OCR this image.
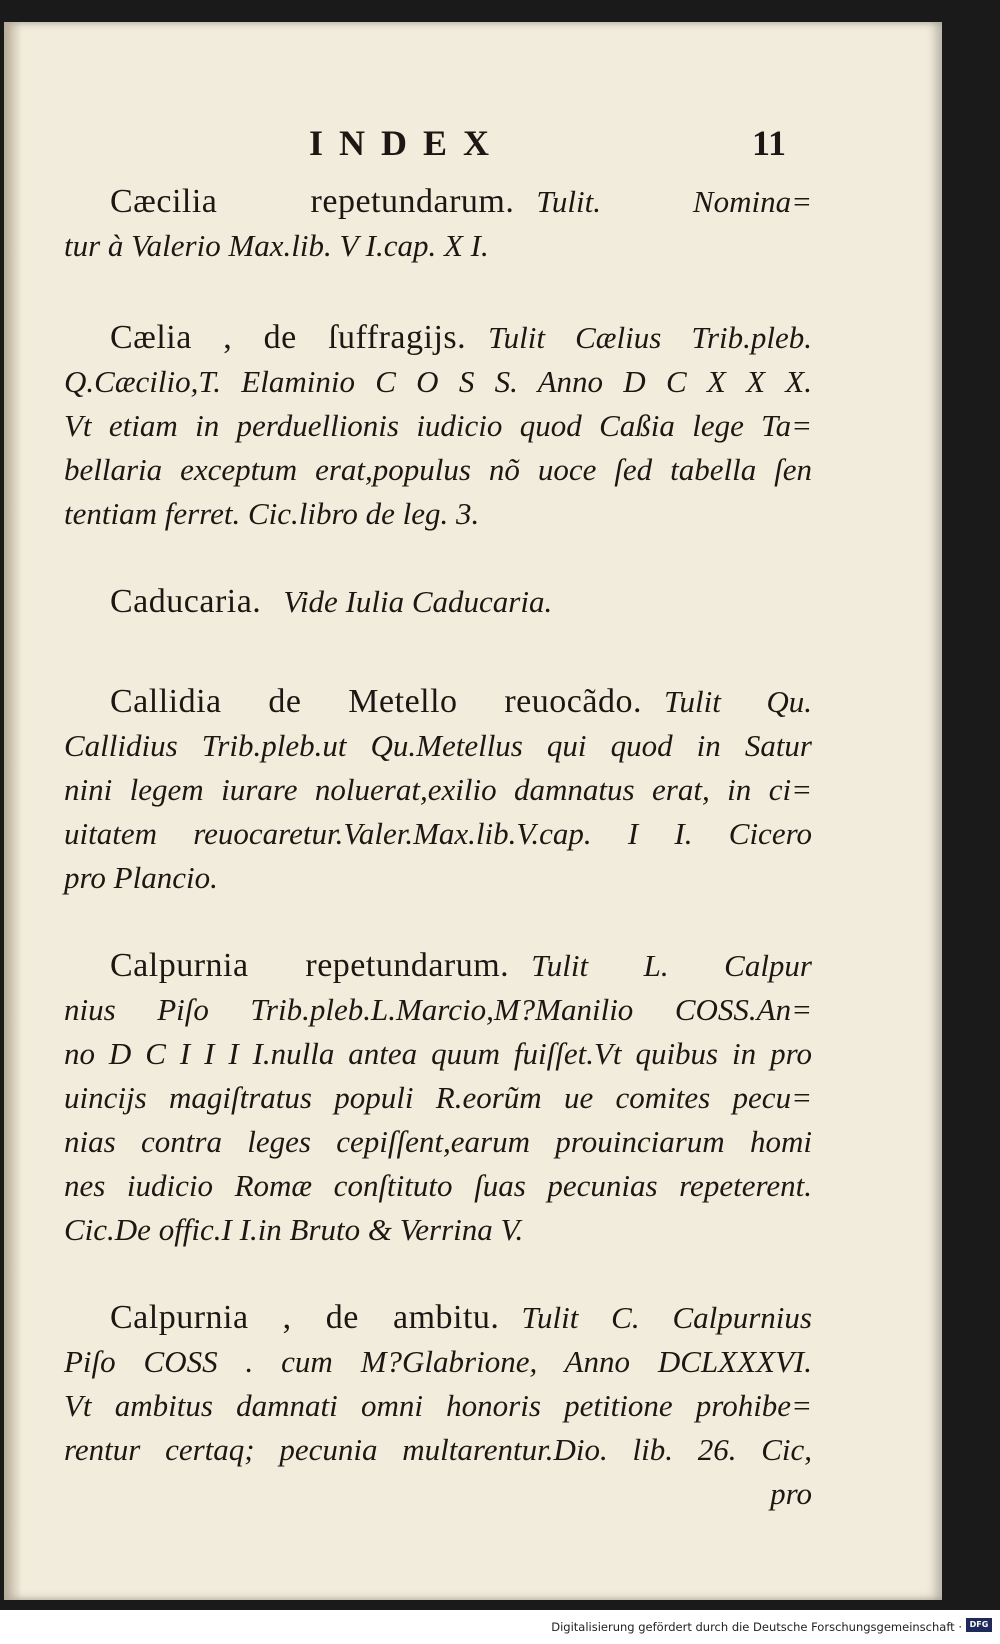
INDEX	11

Cæcilia repetundarum. Tulit. Nomina=

tur à Valerio Max.lib. V I.cap. X I.

Cælia , de ſuffragijs. Tulit Cælius Trib.pleb.

Q.Cæcilio,T. Elaminio C O S S. Anno D C X X X.

Vt etiam in perduellionis iudicio quod Caßia lege Ta=

bellaria exceptum erat,populus nõ uoce ſed tabella ſen

tentiam ferret. Cic.libro de leg. 3.

Caducaria. Vide Iulia Caducaria.

Callidia de Metello reuocãdo. Tulit Qu.

Callidius Trib.pleb.ut Qu.Metellus qui quod in Satur

nini legem iurare noluerat,exilio damnatus erat, in ci=

uitatem reuocaretur.Valer.Max.lib.V.cap. I I. Cicero

pro Plancio.

Calpurnia repetundarum. Tulit L. Calpur

nius Piſo Trib.pleb.L.Marcio,M?Manilio COSS.An=

no D C I I I I.nulla antea quum fuiſſet.Vt quibus in pro

uincijs magiſtratus populi R.eorũm ue comites pecu=

nias contra leges cepiſſent,earum prouinciarum homi

nes iudicio Romæ conſtituto ſuas pecunias repeterent.

Cic.De offic.I I.in Bruto & Verrina V.

Calpurnia , de ambitu. Tulit C. Calpurnius

Piſo COSS . cum M?Glabrione, Anno DCLXXXVI.

Vt ambitus damnati omni honoris petitione prohibe=

rentur certaq; pecunia multarentur.Dio. lib. 26. Cic,

pro

Digitalisierung gefördert durch die Deutsche Forschungsgemeinschaft · DFG
